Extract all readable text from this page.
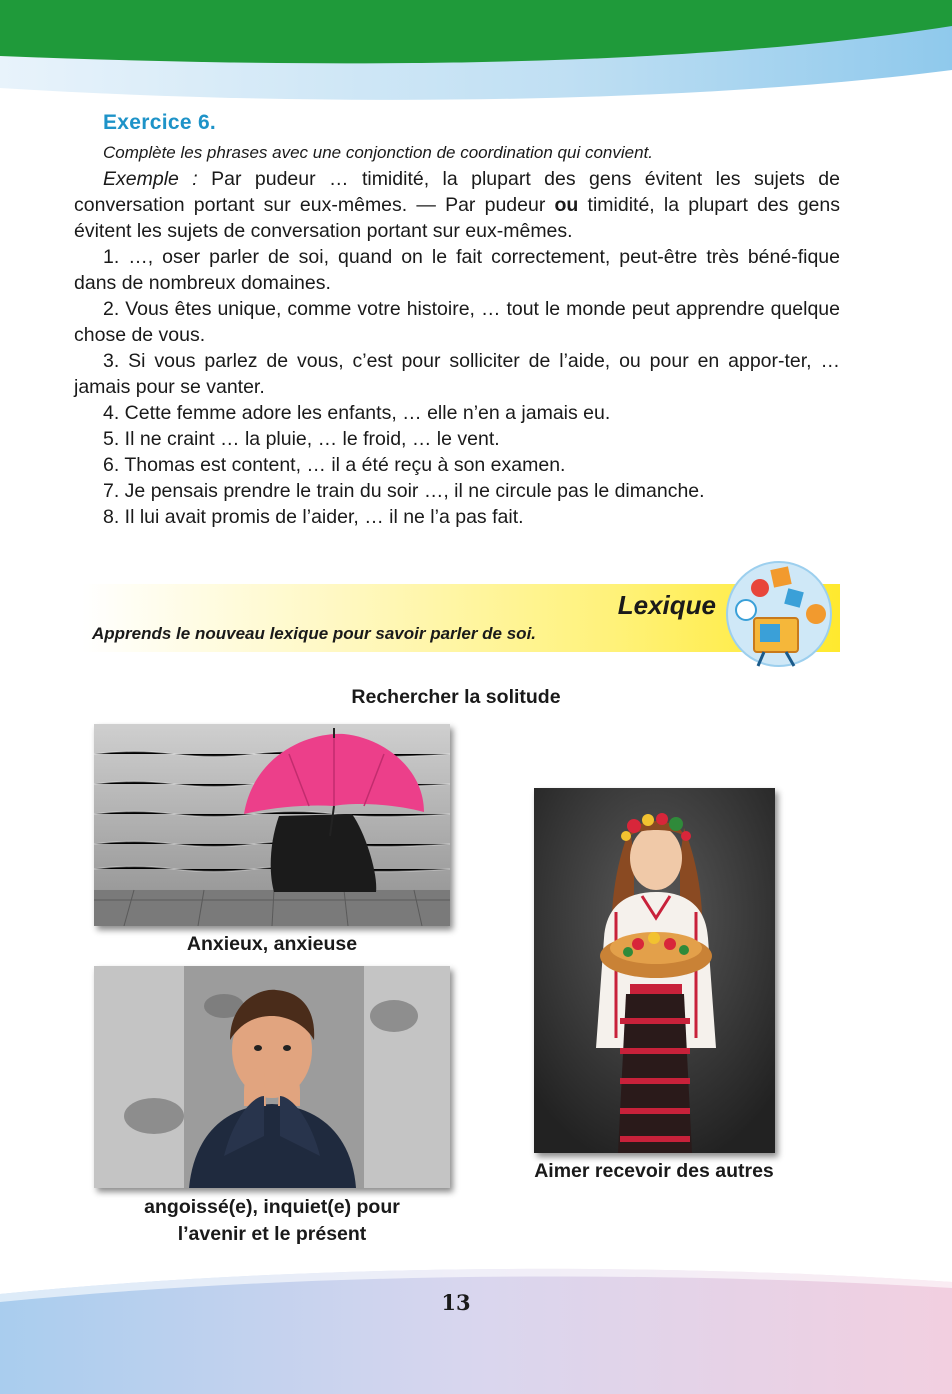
Exercice 6.

Complète les phrases avec une conjonction de coordination qui convient.

Exemple : Par pudeur … timidité, la plupart des gens évitent les sujets de conversation portant sur eux-mêmes. — Par pudeur ou timidité, la plupart des gens évitent les sujets de conversation portant sur eux-mêmes.

1. …, oser parler de soi, quand on le fait correctement, peut-être très béné-fique dans de nombreux domaines.
2. Vous êtes unique, comme votre histoire, … tout le monde peut apprendre quelque chose de vous.
3. Si vous parlez de vous, c’est pour solliciter de l’aide, ou pour en appor-ter, … jamais pour se vanter.
4. Cette femme adore les enfants, … elle n’en a jamais eu.
5. Il ne craint … la pluie, … le froid, … le vent.
6. Thomas est content, … il a été reçu à son examen.
7. Je pensais prendre le train du soir …, il ne circule pas le dimanche.
8. Il lui avait promis de l’aider, … il ne l’a pas fait.
Lexique
Apprends le nouveau lexique pour savoir parler de soi.
Rechercher la solitude
Anxieux, anxieuse
angoissé(e), inquiet(e) pour l’avenir et le présent
Aimer recevoir des autres
13
